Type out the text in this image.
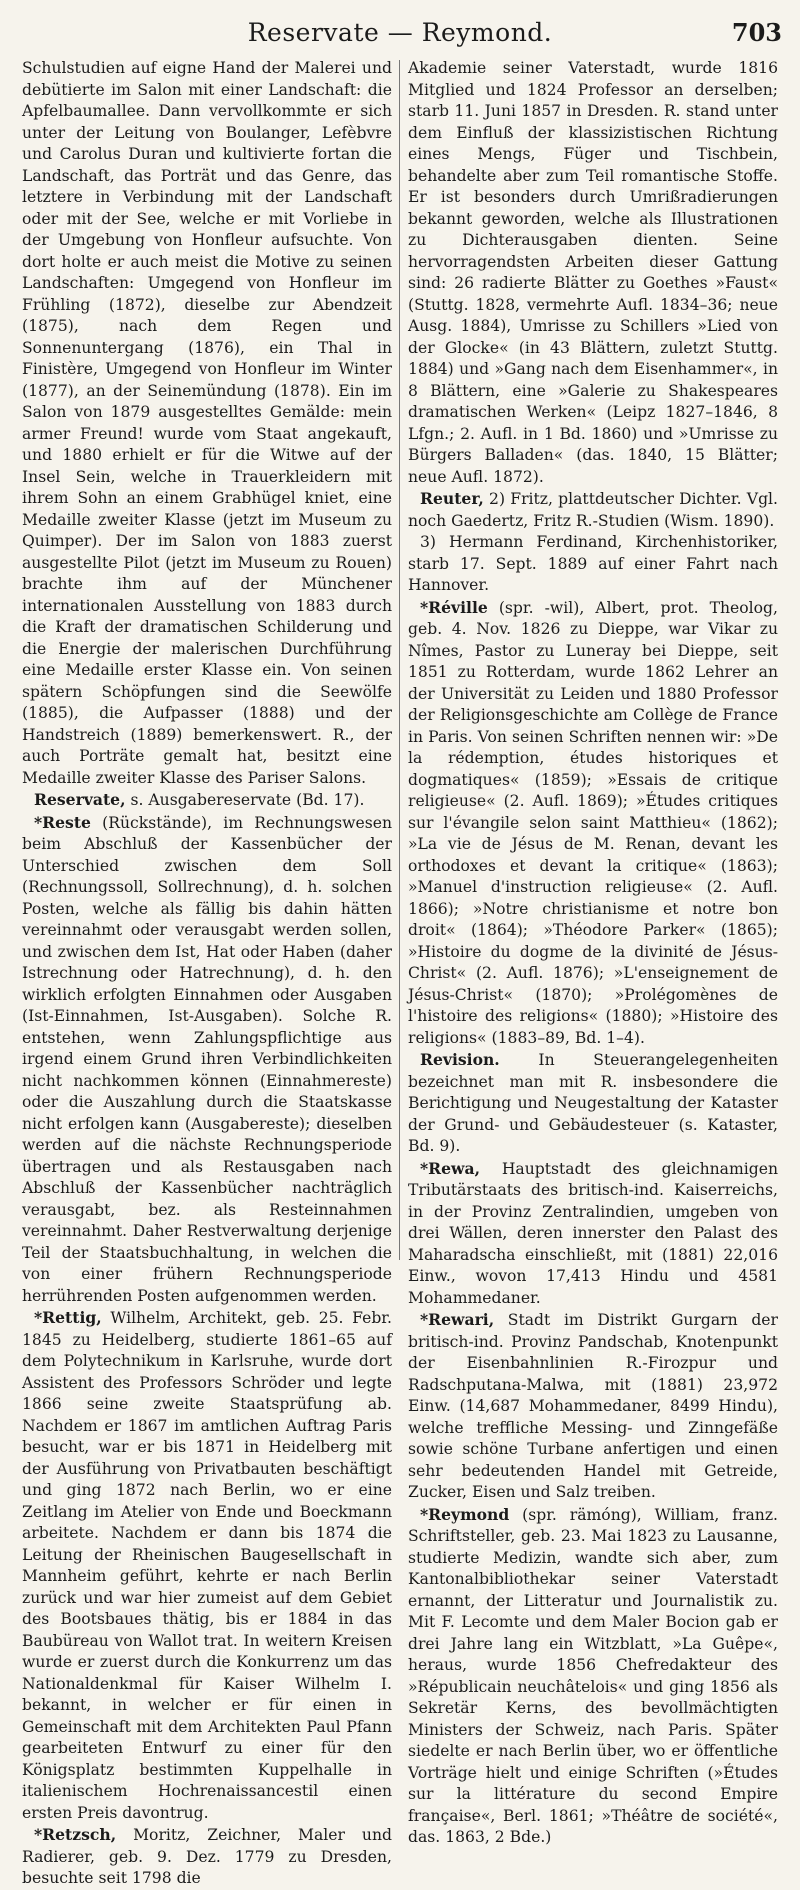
Reservate — Reymond.	703

Schulstudien auf eigne Hand der Malerei und debütierte im Salon mit einer Landschaft: die Apfelbaumallee. Dann vervollkommte er sich unter der Leitung von Boulanger, Lefèbvre und Carolus Duran und kultivierte fortan die Landschaft, das Porträt und das Genre, das letztere in Verbindung mit der Landschaft oder mit der See, welche er mit Vorliebe in der Umgebung von Honfleur aufsuchte. Von dort holte er auch meist die Motive zu seinen Landschaften: Umgegend von Honfleur im Frühling (1872), dieselbe zur Abendzeit (1875), nach dem Regen und Sonnenuntergang (1876), ein Thal in Finistère, Umgegend von Honfleur im Winter (1877), an der Seinemündung (1878). Ein im Salon von 1879 ausgestelltes Gemälde: mein armer Freund! wurde vom Staat angekauft, und 1880 erhielt er für die Witwe auf der Insel Sein, welche in Trauerkleidern mit ihrem Sohn an einem Grabhügel kniet, eine Medaille zweiter Klasse (jetzt im Museum zu Quimper). Der im Salon von 1883 zuerst ausgestellte Pilot (jetzt im Museum zu Rouen) brachte ihm auf der Münchener internationalen Ausstellung von 1883 durch die Kraft der dramatischen Schilderung und die Energie der malerischen Durchführung eine Medaille erster Klasse ein. Von seinen spätern Schöpfungen sind die Seewölfe (1885), die Aufpasser (1888) und der Handstreich (1889) bemerkenswert. R., der auch Porträte gemalt hat, besitzt eine Medaille zweiter Klasse des Pariser Salons.

Reservate, s. Ausgabereservate (Bd. 17).

*Reste (Rückstände), im Rechnungswesen beim Abschluß der Kassenbücher der Unterschied zwischen dem Soll (Rechnungssoll, Sollrechnung), d. h. solchen Posten, welche als fällig bis dahin hätten vereinnahmt oder verausgabt werden sollen, und zwischen dem Ist, Hat oder Haben (daher Istrechnung oder Hatrechnung), d. h. den wirklich erfolgten Einnahmen oder Ausgaben (Ist-Einnahmen, Ist-Ausgaben). Solche R. entstehen, wenn Zahlungspflichtige aus irgend einem Grund ihren Verbindlichkeiten nicht nachkommen können (Einnahmereste) oder die Auszahlung durch die Staatskasse nicht erfolgen kann (Ausgabereste); dieselben werden auf die nächste Rechnungsperiode übertragen und als Restausgaben nach Abschluß der Kassenbücher nachträglich verausgabt, bez. als Resteinnahmen vereinnahmt. Daher Restverwaltung derjenige Teil der Staatsbuchhaltung, in welchen die von einer frühern Rechnungsperiode herrührenden Posten aufgenommen werden.

*Rettig, Wilhelm, Architekt, geb. 25. Febr. 1845 zu Heidelberg, studierte 1861–65 auf dem Polytechnikum in Karlsruhe, wurde dort Assistent des Professors Schröder und legte 1866 seine zweite Staatsprüfung ab. Nachdem er 1867 im amtlichen Auftrag Paris besucht, war er bis 1871 in Heidelberg mit der Ausführung von Privatbauten beschäftigt und ging 1872 nach Berlin, wo er eine Zeitlang im Atelier von Ende und Boeckmann arbeitete. Nachdem er dann bis 1874 die Leitung der Rheinischen Baugesellschaft in Mannheim geführt, kehrte er nach Berlin zurück und war hier zumeist auf dem Gebiet des Bootsbaues thätig, bis er 1884 in das Baubüreau von Wallot trat. In weitern Kreisen wurde er zuerst durch die Konkurrenz um das Nationaldenkmal für Kaiser Wilhelm I. bekannt, in welcher er für einen in Gemeinschaft mit dem Architekten Paul Pfann gearbeiteten Entwurf zu einer für den Königsplatz bestimmten Kuppelhalle in italienischem Hochrenaissancestil einen ersten Preis davontrug.

*Retzsch, Moritz, Zeichner, Maler und Radierer, geb. 9. Dez. 1779 zu Dresden, besuchte seit 1798 die

Akademie seiner Vaterstadt, wurde 1816 Mitglied und 1824 Professor an derselben; starb 11. Juni 1857 in Dresden. R. stand unter dem Einfluß der klassizistischen Richtung eines Mengs, Füger und Tischbein, behandelte aber zum Teil romantische Stoffe. Er ist besonders durch Umrißradierungen bekannt geworden, welche als Illustrationen zu Dichterausgaben dienten. Seine hervorragendsten Arbeiten dieser Gattung sind: 26 radierte Blätter zu Goethes »Faust« (Stuttg. 1828, vermehrte Aufl. 1834–36; neue Ausg. 1884), Umrisse zu Schillers »Lied von der Glocke« (in 43 Blättern, zuletzt Stuttg. 1884) und »Gang nach dem Eisenhammer«, in 8 Blättern, eine »Galerie zu Shakespeares dramatischen Werken« (Leipz 1827–1846, 8 Lfgn.; 2. Aufl. in 1 Bd. 1860) und »Umrisse zu Bürgers Balladen« (das. 1840, 15 Blätter; neue Aufl. 1872).

Reuter, 2) Fritz, plattdeutscher Dichter. Vgl. noch Gaedertz, Fritz R.-Studien (Wism. 1890).

3) Hermann Ferdinand, Kirchenhistoriker, starb 17. Sept. 1889 auf einer Fahrt nach Hannover.

*Réville (spr. -wil), Albert, prot. Theolog, geb. 4. Nov. 1826 zu Dieppe, war Vikar zu Nîmes, Pastor zu Luneray bei Dieppe, seit 1851 zu Rotterdam, wurde 1862 Lehrer an der Universität zu Leiden und 1880 Professor der Religionsgeschichte am Collège de France in Paris. Von seinen Schriften nennen wir: »De la rédemption, études historiques et dogmatiques« (1859); »Essais de critique religieuse« (2. Aufl. 1869); »Études critiques sur l'évangile selon saint Matthieu« (1862); »La vie de Jésus de M. Renan, devant les orthodoxes et devant la critique« (1863); »Manuel d'instruction religieuse« (2. Aufl. 1866); »Notre christianisme et notre bon droit« (1864); »Théodore Parker« (1865); »Histoire du dogme de la divinité de Jésus-Christ« (2. Aufl. 1876); »L'enseignement de Jésus-Christ« (1870); »Prolégomènes de l'histoire des religions« (1880); »Histoire des religions« (1883–89, Bd. 1–4).

Revision. In Steuerangelegenheiten bezeichnet man mit R. insbesondere die Berichtigung und Neugestaltung der Kataster der Grund- und Gebäudesteuer (s. Kataster, Bd. 9).

*Rewa, Hauptstadt des gleichnamigen Tributärstaats des britisch-ind. Kaiserreichs, in der Provinz Zentralindien, umgeben von drei Wällen, deren innerster den Palast des Maharadscha einschließt, mit (1881) 22,016 Einw., wovon 17,413 Hindu und 4581 Mohammedaner.

*Rewari, Stadt im Distrikt Gurgarn der britisch-ind. Provinz Pandschab, Knotenpunkt der Eisenbahnlinien R.-Firozpur und Radschputana-Malwa, mit (1881) 23,972 Einw. (14,687 Mohammedaner, 8499 Hindu), welche treffliche Messing- und Zinngefäße sowie schöne Turbane anfertigen und einen sehr bedeutenden Handel mit Getreide, Zucker, Eisen und Salz treiben.

*Reymond (spr. rämóng), William, franz. Schriftsteller, geb. 23. Mai 1823 zu Lausanne, studierte Medizin, wandte sich aber, zum Kantonalbibliothekar seiner Vaterstadt ernannt, der Litteratur und Journalistik zu. Mit F. Lecomte und dem Maler Bocion gab er drei Jahre lang ein Witzblatt, »La Guêpe«, heraus, wurde 1856 Chefredakteur des »Républicain neuchâtelois« und ging 1856 als Sekretär Kerns, des bevollmächtigten Ministers der Schweiz, nach Paris. Später siedelte er nach Berlin über, wo er öffentliche Vorträge hielt und einige Schriften (»Études sur la littérature du second Empire française«, Berl. 1861; »Théâtre de société«, das. 1863, 2 Bde.)
